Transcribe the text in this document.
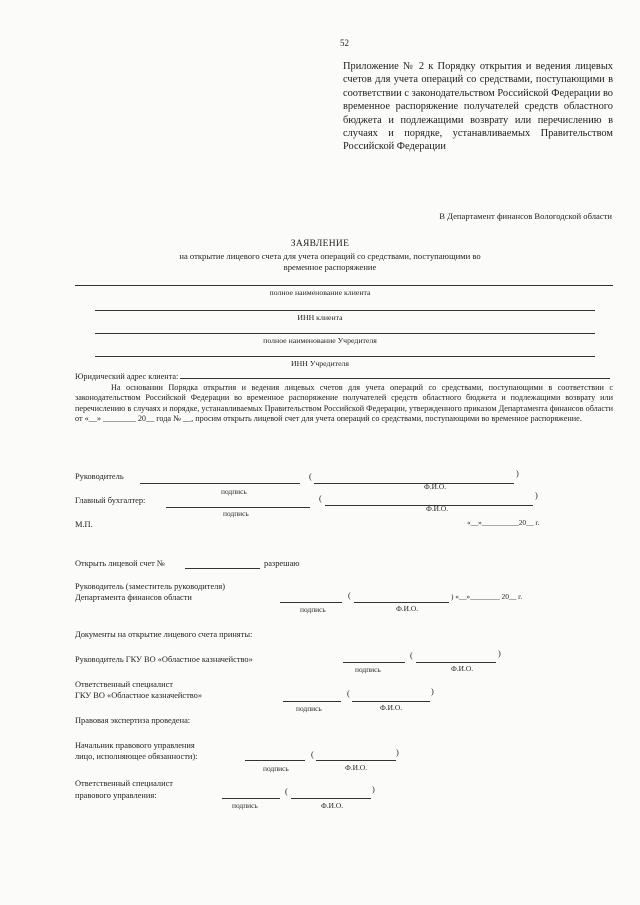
52
Приложение № 2 к Порядку открытия и ведения лицевых счетов для учета операций со средствами, поступающими в соответствии с законодательством Российской Федерации во временное распоряжение получателей средств областного бюджета и подлежащими возврату или перечислению в случаях и порядке, устанавливаемых Правительством Российской Федерации
В Департамент финансов Вологодской области
ЗАЯВЛЕНИЕ
на открытие лицевого счета для учета операций со средствами, поступающими во временное распоряжение
полное наименование клиента
ИНН клиента
полное наименование Учредителя
ИНН Учредителя
Юридический адрес клиента:
На основании Порядка открытия и ведения лицевых счетов для учета операций со средствами, поступающими в соответствии с законодательством Российской Федерации во временное распоряжение получателей средств областного бюджета и подлежащими возврату или перечислению в случаях и порядке, устанавливаемых Правительством Российской Федерации, утвержденного приказом Департамента финансов области от «__» ________ 20__ года № __, просим открыть лицевой счет для учета операций со средствами, поступающими во временное распоряжение.
Руководитель
подпись
(	)
Ф.И.О.
Главный бухгалтер:
подпись
(	)
Ф.И.О.
М.П.	«__»__________20__ г.
Открыть лицевой счет №	разрешаю
Руководитель (заместитель руководителя)
Департамента финансов области
подпись
(
Ф.И.О.
) «__»________ 20__ г.
Документы на открытие лицевого счета приняты:
Руководитель ГКУ ВО «Областное казначейство»
подпись
(	)
Ф.И.О.
Ответственный специалист
ГКУ ВО «Областное казначейство»
подпись
(	)
Ф.И.О.
Правовая экспертиза проведена:
Начальник правового управления
лицо, исполняющее обязанности):
подпись
(	)
Ф.И.О.
Ответственный специалист
правового управления:
подпись
(	)
Ф.И.О.
